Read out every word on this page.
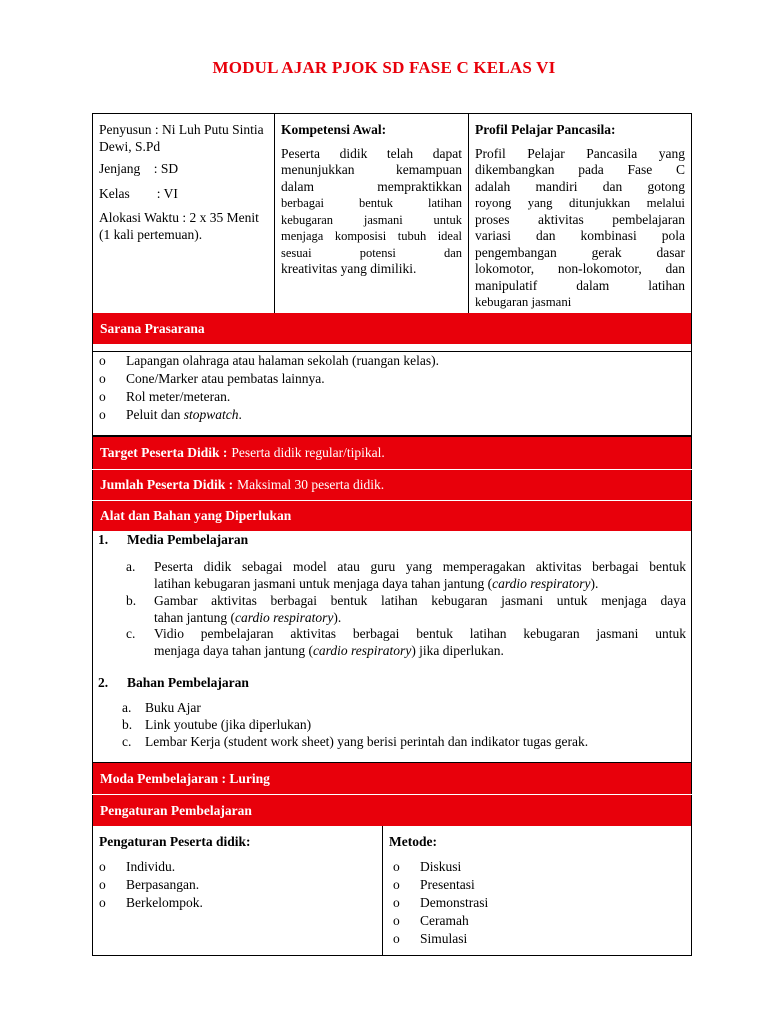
MODUL AJAR PJOK SD FASE C KELAS VI
Penyusun : Ni Luh Putu Sintia Dewi, S.Pd
Jenjang    : SD
Kelas        : VI
Alokasi Waktu : 2 x 35 Menit (1 kali pertemuan).
Kompetensi Awal:
Peserta didik telah dapat
menunjukkan kemampuan
dalam mempraktikkan
berbagai bentuk latihan
kebugaran jasmani untuk
menjaga komposisi tubuh ideal
sesuai potensi dan
kreativitas yang dimiliki.
Profil Pelajar Pancasila:
Profil Pelajar Pancasila yang
dikembangkan pada Fase C
adalah mandiri dan gotong
royong yang ditunjukkan melalui
proses aktivitas pembelajaran
variasi dan kombinasi pola
pengembangan gerak dasar
lokomotor, non-lokomotor, dan
manipulatif dalam latihan
kebugaran jasmani
Sarana Prasarana
o Lapangan olahraga atau halaman sekolah (ruangan kelas).
o Cone/Marker atau pembatas lainnya.
o Rol meter/meteran.
o Peluit dan stopwatch.
Target Peserta Didik : Peserta didik regular/tipikal.
Jumlah Peserta Didik : Maksimal 30 peserta didik.
Alat dan Bahan yang Diperlukan
1. Media Pembelajaran
a. Peserta didik sebagai model atau guru yang memperagakan aktivitas berbagai bentuk
latihan kebugaran jasmani untuk menjaga daya tahan jantung (cardio respiratory).
b. Gambar aktivitas berbagai bentuk latihan kebugaran jasmani untuk menjaga daya
tahan jantung (cardio respiratory).
c. Vidio pembelajaran aktivitas berbagai bentuk latihan kebugaran jasmani untuk
menjaga daya tahan jantung (cardio respiratory) jika diperlukan.
2. Bahan Pembelajaran
a. Buku Ajar
b. Link youtube (jika diperlukan)
c. Lembar Kerja (student work sheet) yang berisi perintah dan indikator tugas gerak.
Moda Pembelajaran : Luring
Pengaturan Pembelajaran
Pengaturan Peserta didik:
o Individu.
o Berpasangan.
o Berkelompok.
Metode:
o Diskusi
o Presentasi
o Demonstrasi
o Ceramah
o Simulasi
